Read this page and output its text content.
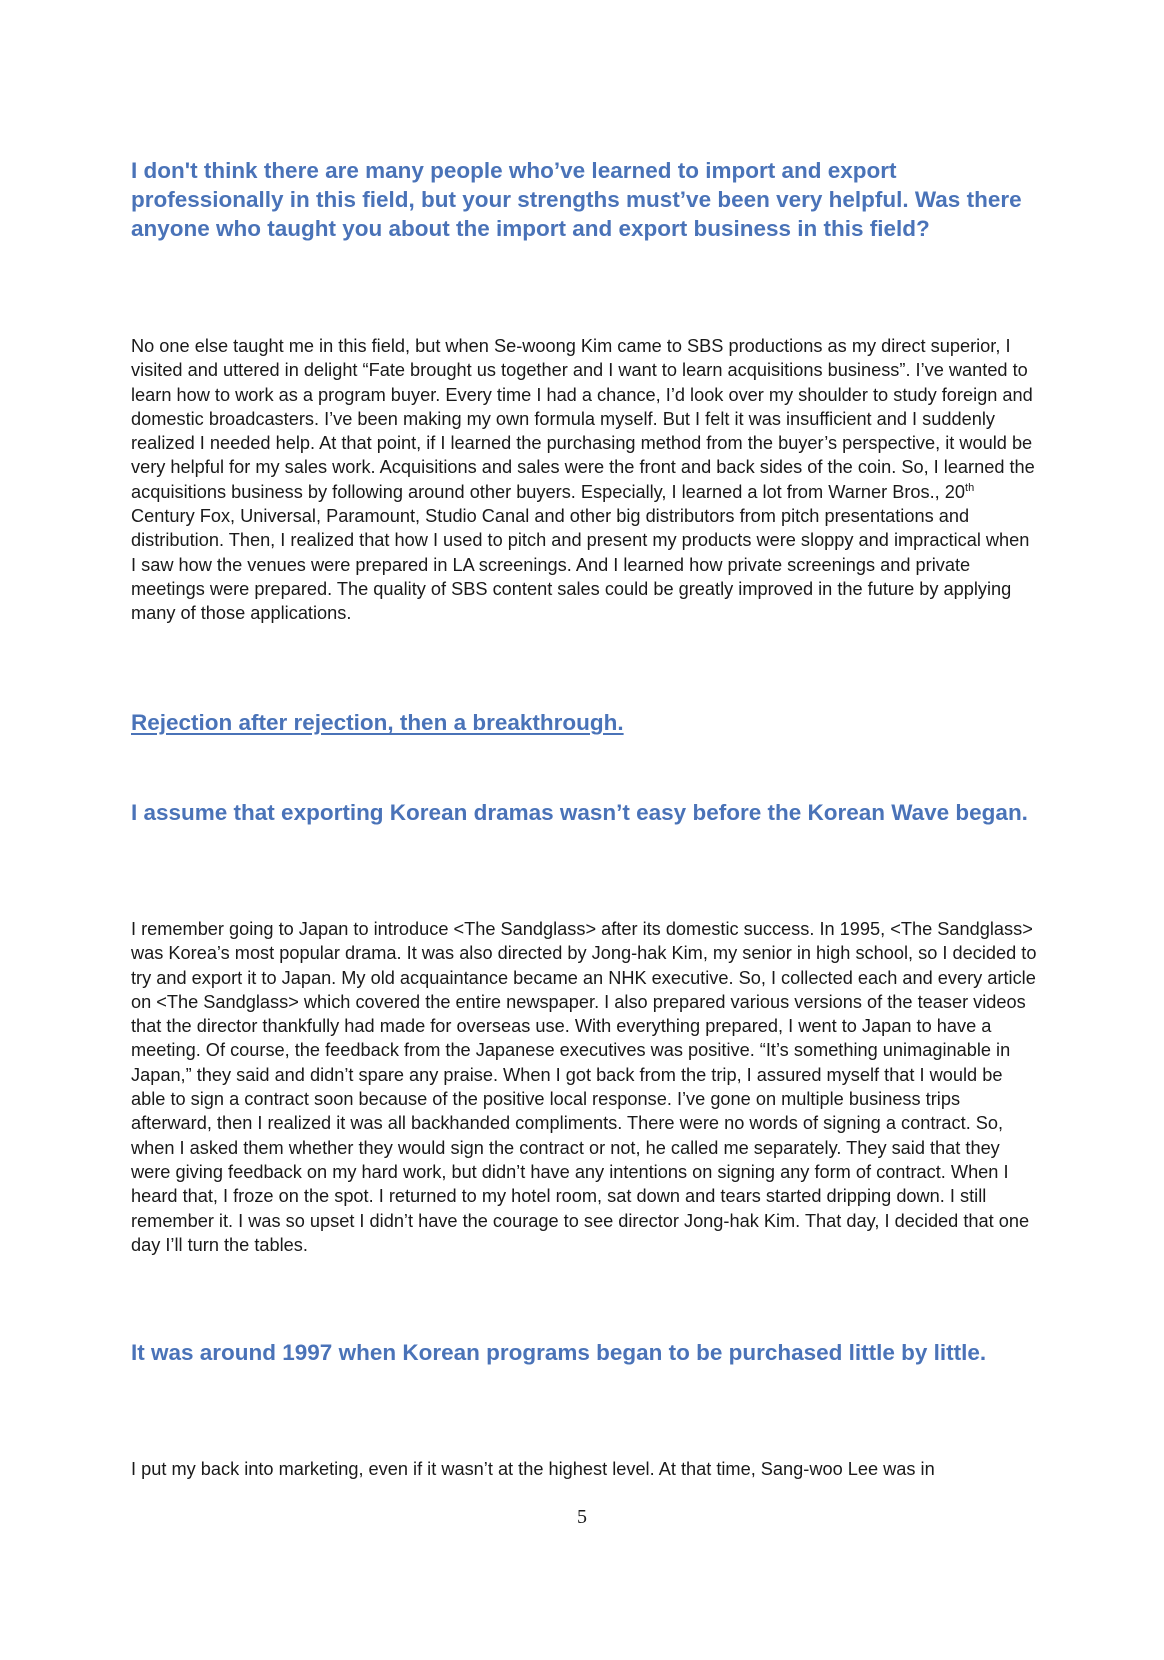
I don't think there are many people who’ve learned to import and export professionally in this field, but your strengths must’ve been very helpful. Was there anyone who taught you about the import and export business in this field?

No one else taught me in this field, but when Se-woong Kim came to SBS productions as my direct superior, I visited and uttered in delight “Fate brought us together and I want to learn acquisitions business”. I’ve wanted to learn how to work as a program buyer. Every time I had a chance, I’d look over my shoulder to study foreign and domestic broadcasters. I’ve been making my own formula myself. But I felt it was insufficient and I suddenly realized I needed help. At that point, if I learned the purchasing method from the buyer’s perspective, it would be very helpful for my sales work. Acquisitions and sales were the front and back sides of the coin. So, I learned the acquisitions business by following around other buyers. Especially, I learned a lot from Warner Bros., 20th Century Fox, Universal, Paramount, Studio Canal and other big distributors from pitch presentations and distribution. Then, I realized that how I used to pitch and present my products were sloppy and impractical when I saw how the venues were prepared in LA screenings. And I learned how private screenings and private meetings were prepared. The quality of SBS content sales could be greatly improved in the future by applying many of those applications.

Rejection after rejection, then a breakthrough.

I assume that exporting Korean dramas wasn’t easy before the Korean Wave began.

I remember going to Japan to introduce <The Sandglass> after its domestic success. In 1995, <The Sandglass> was Korea’s most popular drama. It was also directed by Jong-hak Kim, my senior in high school, so I decided to try and export it to Japan. My old acquaintance became an NHK executive. So, I collected each and every article on <The Sandglass> which covered the entire newspaper. I also prepared various versions of the teaser videos that the director thankfully had made for overseas use. With everything prepared, I went to Japan to have a meeting. Of course, the feedback from the Japanese executives was positive. “It’s something unimaginable in Japan,” they said and didn’t spare any praise. When I got back from the trip, I assured myself that I would be able to sign a contract soon because of the positive local response. I’ve gone on multiple business trips afterward, then I realized it was all backhanded compliments. There were no words of signing a contract. So, when I asked them whether they would sign the contract or not, he called me separately. They said that they were giving feedback on my hard work, but didn’t have any intentions on signing any form of contract. When I heard that, I froze on the spot. I returned to my hotel room, sat down and tears started dripping down. I still remember it. I was so upset I didn’t have the courage to see director Jong-hak Kim. That day, I decided that one day I’ll turn the tables.

It was around 1997 when Korean programs began to be purchased little by little.

I put my back into marketing, even if it wasn’t at the highest level. At that time, Sang-woo Lee was in

5
